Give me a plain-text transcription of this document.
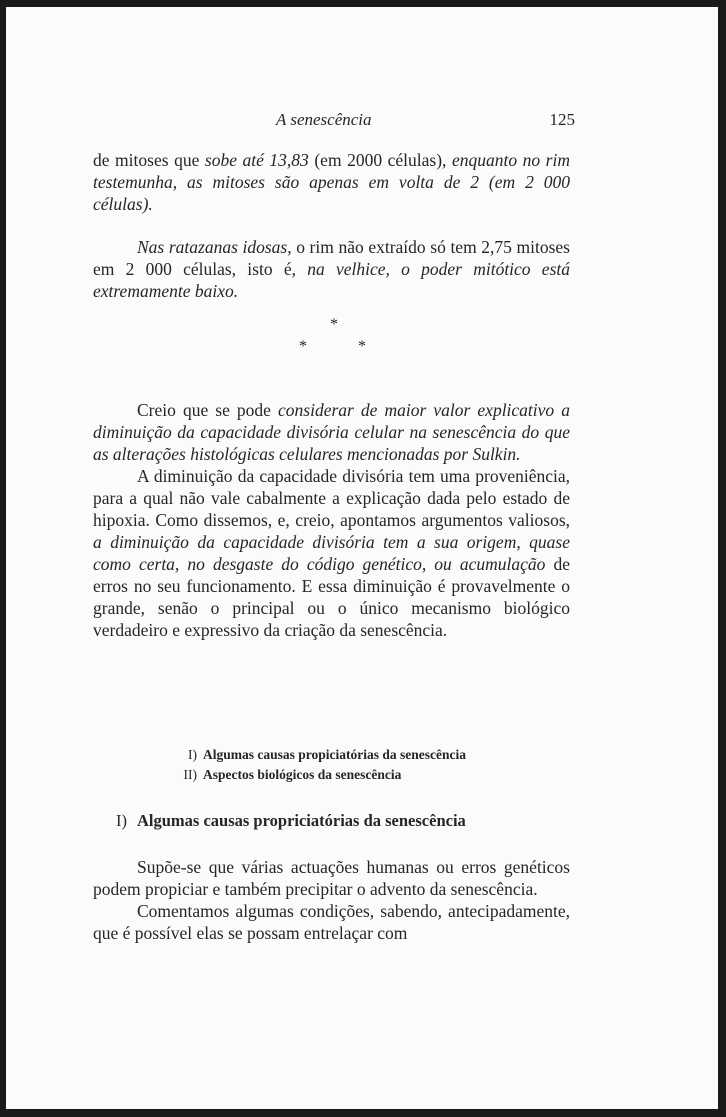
A senescência	125

de mitoses que sobe até 13,83 (em 2000 células), enquanto no rim testemunha, as mitoses são apenas em volta de 2 (em 2 000 células).

Nas ratazanas idosas, o rim não extraído só tem 2,75 mitoses em 2 000 células, isto é, na velhice, o poder mitótico está extremamente baixo.

*
*	*

Creio que se pode considerar de maior valor explicativo a diminuição da capacidade divisória celular na senescência do que as alterações histológicas celulares mencionadas por Sulkin.

A diminuição da capacidade divisória tem uma proveniência, para a qual não vale cabalmente a explicação dada pelo estado de hipoxia. Como dissemos, e, creio, apontamos argumentos valiosos, a diminuição da capacidade divisória tem a sua origem, quase como certa, no desgaste do código genético, ou acumulação de erros no seu funcionamento. E essa diminuição é provavelmente o grande, senão o principal ou o único mecanismo biológico verdadeiro e expressivo da criação da senescência.

I) Algumas causas propiciatórias da senescência
II) Aspectos biológicos da senescência
I) Algumas causas propriciatórias da senescência

Supõe-se que várias actuações humanas ou erros genéticos podem propiciar e também precipitar o advento da senescência.

Comentamos algumas condições, sabendo, antecipadamente, que é possível elas se possam entrelaçar com
